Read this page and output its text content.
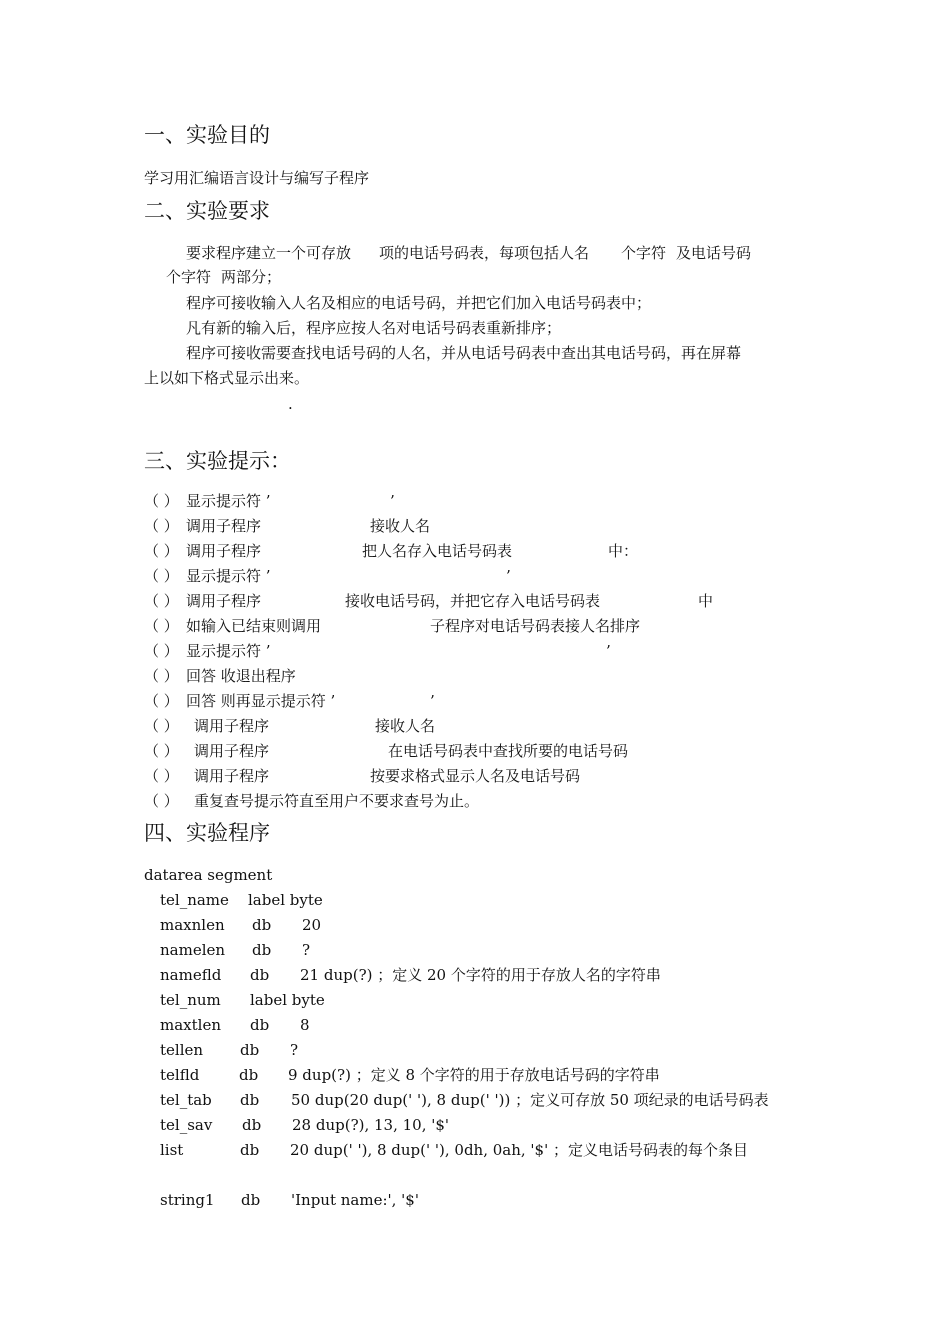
一、实验目的
学习用汇编语言设计与编写子程序
二、实验要求
要求程序建立一个可存放 项的电话号码表，每项包括人名 个字符 及电话号码
个字符 两部分；
程序可接收输入人名及相应的电话号码，并把它们加入电话号码表中；
凡有新的输入后，程序应按人名对电话号码表重新排序；
程序可接收需要查找电话号码的人名，并从电话号码表中查出其电话号码，再在屏幕
上以如下格式显示出来。
.
三、实验提示：
（ ） 显示提示符 ’	’
（ ） 调用子程序	接收人名
（ ） 调用子程序	把人名存入电话号码表	中：
（ ） 显示提示符 ’	’
（ ） 调用子程序	接收电话号码，并把它存入电话号码表	中
（ ） 如输入已结束则调用	子程序对电话号码表接人名排序
（ ） 显示提示符 ’	’
（ ） 回答 收退出程序
（ ） 回答 则再显示提示符 ’	’
（ ） 调用子程序	接收人名
（ ） 调用子程序	在电话号码表中查找所要的电话号码
（ ） 调用子程序	按要求格式显示人名及电话号码
（ ） 重复查号提示符直至用户不要求查号为止。
四、实验程序
datarea segment
tel_name label byte
maxnlen db 20
namelen db ?
namefld db 21 dup(?) ；定义 20 个字符的用于存放人名的字符串
tel_num label byte
maxtlen db 8
tellen db ?
telfld	db 9 dup(?) ；定义 8 个字符的用于存放电话号码的字符串
tel_tab db 50 dup(20 dup(' '), 8 dup(' ')) ；定义可存放 50 项纪录的电话号码表
tel_sav db 28 dup(?), 13, 10, '$'
list	db 20 dup(' '), 8 dup(' '), 0dh, 0ah, '$' ；定义电话号码表的每个条目
string1 db 'Input name:', '$'
